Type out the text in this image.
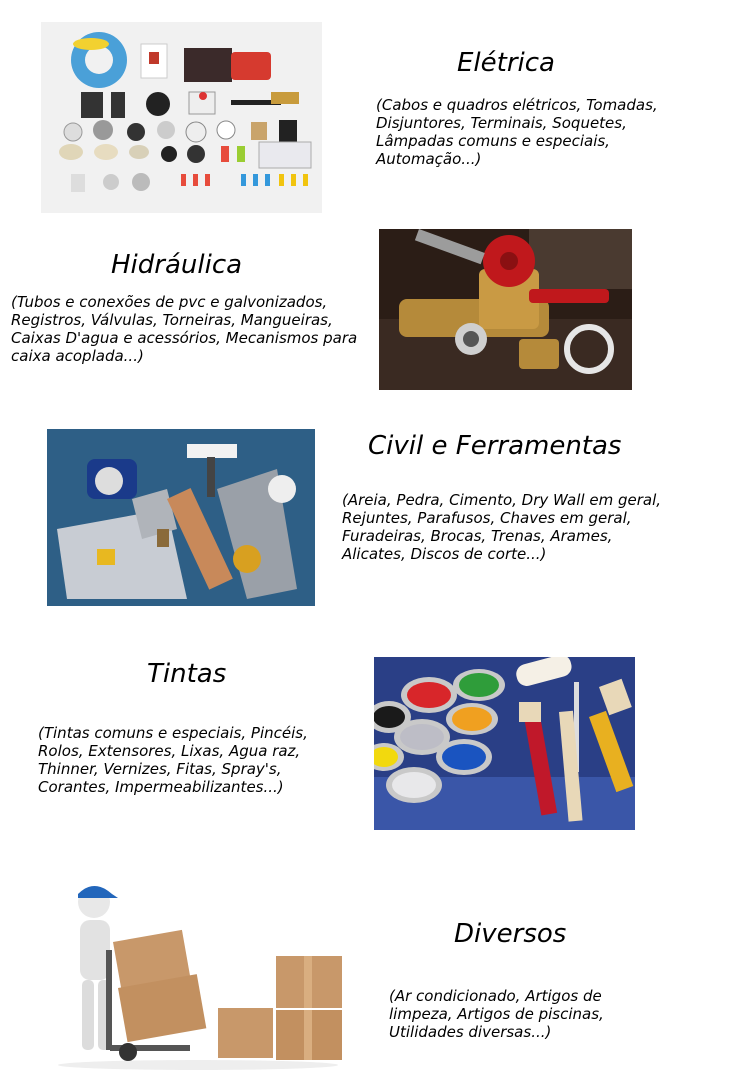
Elétrica
(Cabos e quadros elétricos, Tomadas, Disjuntores, Terminais, Soquetes, Lâmpadas comuns e especiais, Automação...)
Hidráulica
(Tubos e conexões de pvc e galvonizados, Registros, Válvulas, Torneiras, Mangueiras, Caixas D'agua e acessórios, Mecanismos para caixa acoplada...)
Civil e Ferramentas
(Areia, Pedra, Cimento, Dry Wall em geral, Rejuntes, Parafusos, Chaves em geral, Furadeiras, Brocas, Trenas, Arames, Alicates, Discos de corte...)
Tintas
(Tintas comuns e especiais, Pincéis, Rolos, Extensores, Lixas, Agua raz, Thinner, Vernizes, Fitas, Spray's, Corantes, Impermeabilizantes...)
Diversos
(Ar condicionado, Artigos de limpeza, Artigos de piscinas, Utilidades diversas...)
